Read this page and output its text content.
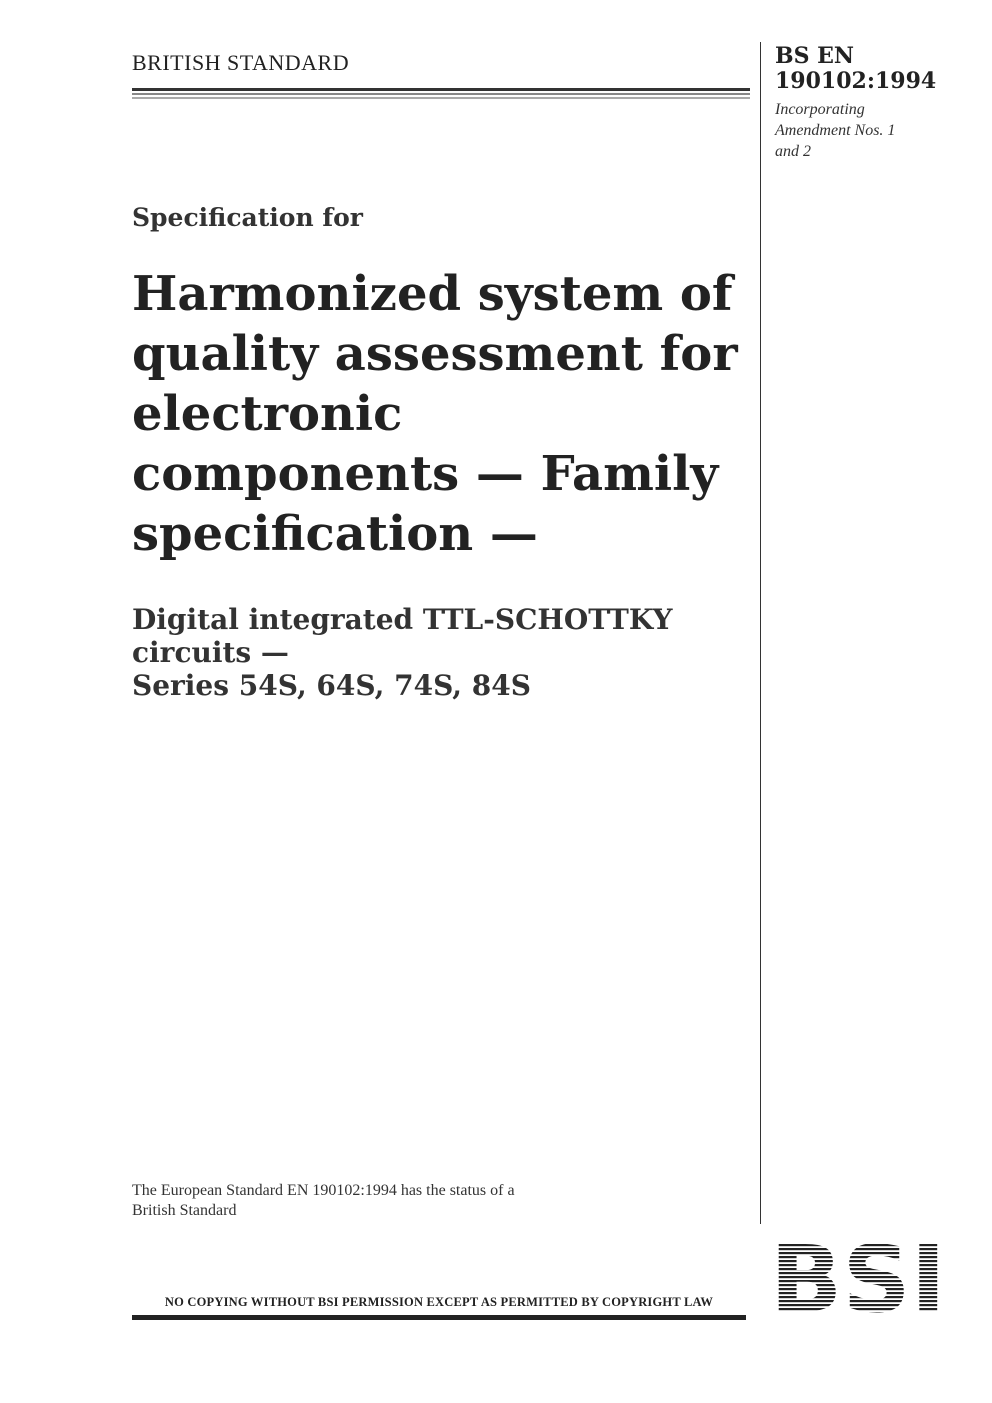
BRITISH STANDARD	BS EN
190102:1994
Incorporating
Amendment Nos. 1
and 2
Specification for
Harmonized system of
quality assessment for
electronic
components — Family
specification —
Digital integrated TTL-SCHOTTKY
circuits —
Series 54S, 64S, 74S, 84S
The European Standard EN 190102:1994 has the status of a
British Standard
NO COPYING WITHOUT BSI PERMISSION EXCEPT AS PERMITTED BY COPYRIGHT LAW
